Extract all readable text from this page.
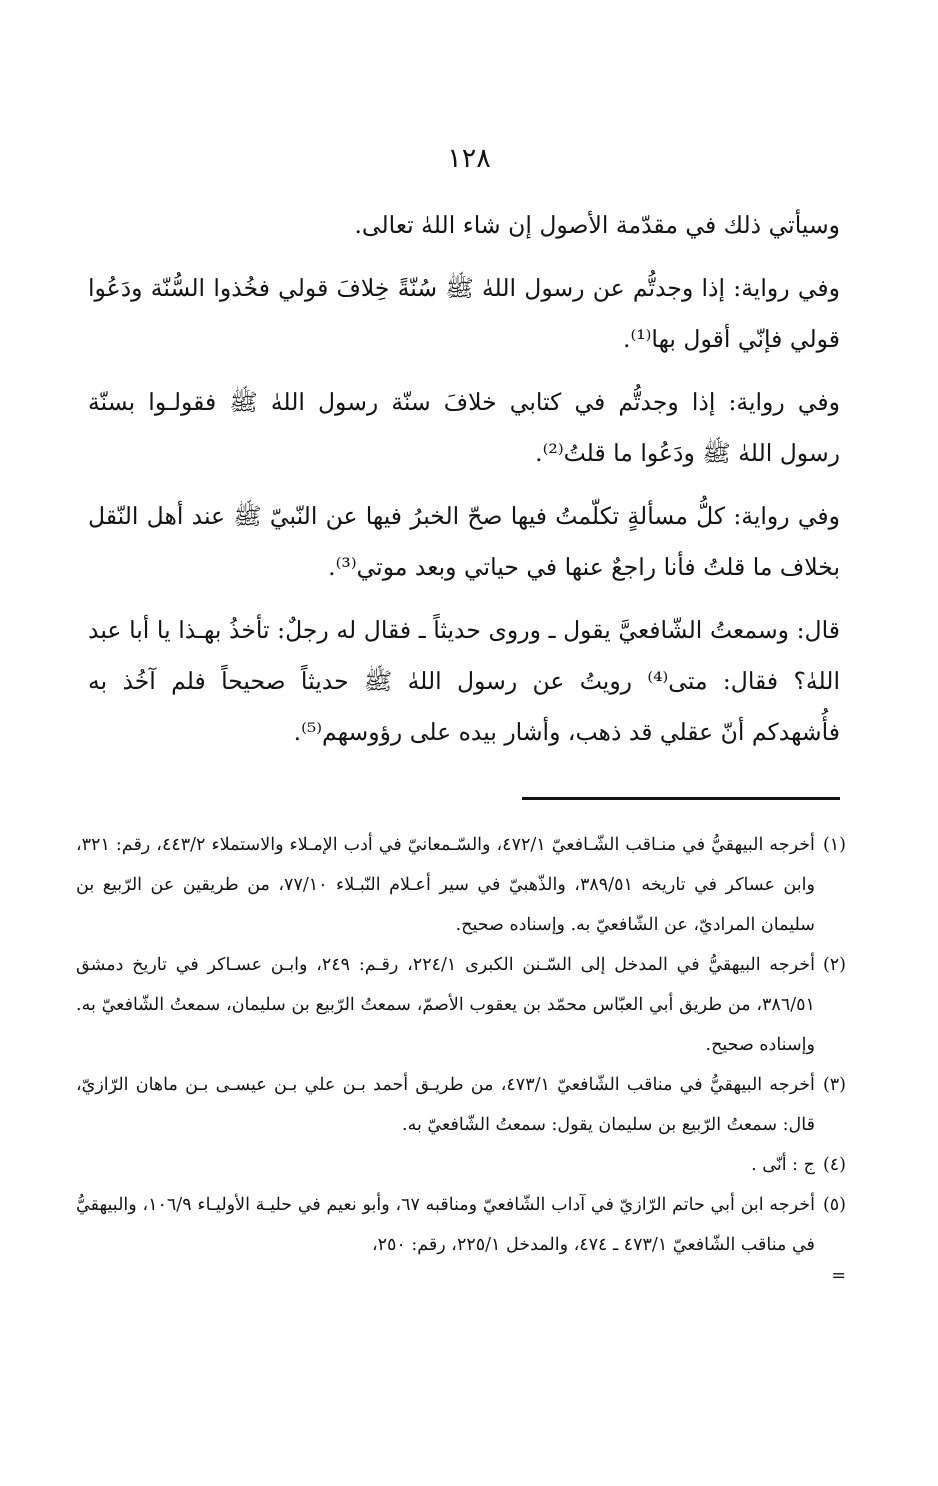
١٢٨

وسيأتي ذلك في مقدّمة الأصول إن شاء اللهٰ تعالى.

وفي رواية: إذا وجدتُّم عن رسول اللهٰ ﷺ سُنّةً خِلافَ قولي فخُذوا السُّنّة ودَعُوا قولي فإنّي أقول بها⁽¹⁾.

وفي رواية: إذا وجدتُّم في كتابي خلافَ سنّة رسول اللهٰ ﷺ فقولـوا بسنّة رسول اللهٰ ﷺ ودَعُوا ما قلتُ⁽²⁾.

وفي رواية: كلُّ مسألةٍ تكلّمتُ فيها صحّ الخبرُ فيها عن النّبيّ ﷺ عند أهل النّقل بخلاف ما قلتُ فأنا راجعٌ عنها في حياتي وبعد موتي⁽³⁾.

قال: وسمعتُ الشّافعيَّ يقول ـ وروى حديثاً ـ فقال له رجلٌ: تأخذُ بهـذا يا أبا عبد اللهٰ؟ فقال: متى⁽⁴⁾ رويتُ عن رسول اللهٰ ﷺ حديثاً صحيحاً فلم آخُذ به فأُشهدكم أنّ عقلي قد ذهب، وأشار بيده على رؤوسهم⁽⁵⁾.

(١)
أخرجه البيهقيُّ في منـاقب الشّـافعيّ ٤٧٢/١، والسّـمعانيّ في أدب الإمـلاء والاستملاء ٤٤٣/٢، رقم: ٣٢١، وابن عساكر في تاريخه ٣٨٩/٥١، والذّهبيّ في سير أعـلام النّبـلاء ٧٧/١٠، من طريقين عن الرّبيع بن سليمان المراديّ، عن الشّافعيّ به. وإسناده صحيح.
(٢)
أخرجه البيهقيُّ في المدخل إلى السّـنن الكبرى ٢٢٤/١، رقـم: ٢٤٩، وابـن عسـاكر في تاريخ دمشق ٣٨٦/٥١، من طريق أبي العبّاس محمّد بن يعقوب الأصمّ، سمعتُ الرّبيع بن سليمان، سمعتُ الشّافعيّ به. وإسناده صحيح.
(٣)
أخرجه البيهقيُّ في مناقب الشّافعيّ ٤٧٣/١، من طريـق أحمد بـن علي بـن عيسـى بـن ماهان الرّازيّ، قال: سمعتُ الرّبيع بن سليمان يقول: سمعتُ الشّافعيّ به.
(٤)
ج : أنّى .
(٥)
أخرجه ابن أبي حاتم الرّازيّ في آداب الشّافعيّ ومناقبه ٦٧، وأبو نعيم في حليـة الأوليـاء ١٠٦/٩، والبيهقيُّ في مناقب الشّافعيّ ٤٧٣/١ ـ ٤٧٤، والمدخل ٢٢٥/١، رقم: ٢٥٠،
=
